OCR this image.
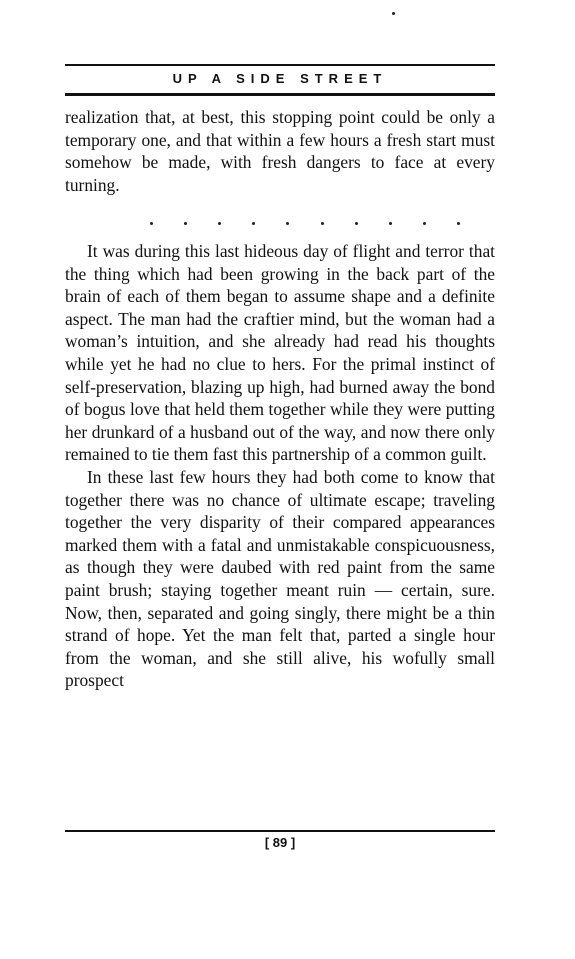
UP A SIDE STREET

realization that, at best, this stopping point could be only a temporary one, and that within a few hours a fresh start must somehow be made, with fresh dangers to face at every turning.

It was during this last hideous day of flight and terror that the thing which had been growing in the back part of the brain of each of them began to assume shape and a definite aspect. The man had the craftier mind, but the woman had a woman’s intuition, and she already had read his thoughts while yet he had no clue to hers. For the primal instinct of self-preservation, blazing up high, had burned away the bond of bogus love that held them together while they were putting her drunkard of a husband out of the way, and now there only remained to tie them fast this partnership of a common guilt.

In these last few hours they had both come to know that together there was no chance of ultimate escape; traveling together the very disparity of their compared appearances marked them with a fatal and unmistakable conspicuousness, as though they were daubed with red paint from the same paint brush; staying together meant ruin — certain, sure. Now, then, separated and going singly, there might be a thin strand of hope. Yet the man felt that, parted a single hour from the woman, and she still alive, his wofully small prospect

[ 89 ]
